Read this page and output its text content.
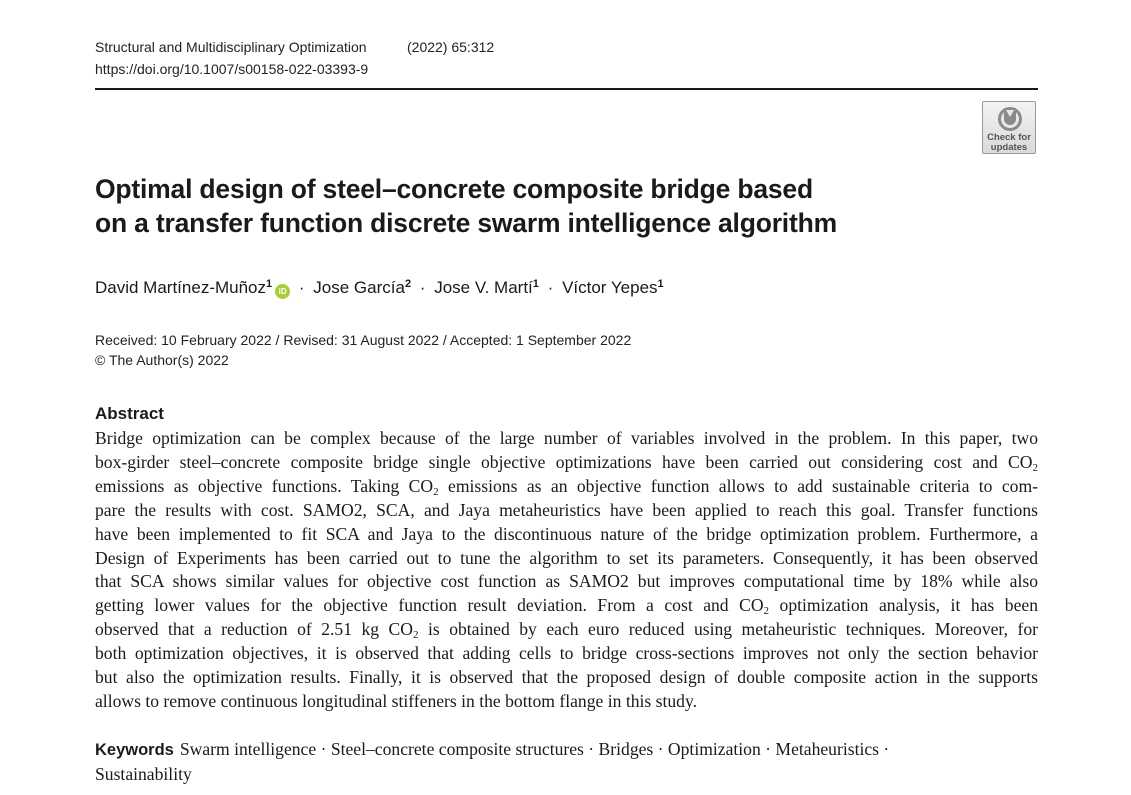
Structural and Multidisciplinary Optimization	(2022) 65:312
https://doi.org/10.1007/s00158-022-03393-9
Check for
updates
Optimal design of steel–concrete composite bridge based
on a transfer function discrete swarm intelligence algorithm
David Martínez-Muñoz$^1$iD · Jose García$^2$ · Jose V. Martí$^1$ · Víctor Yepes$^1$
Received: 10 February 2022 / Revised: 31 August 2022 / Accepted: 1 September 2022
© The Author(s) 2022
Abstract
Bridge optimization can be complex because of the large number of variables involved in the problem. In this paper, two
box-girder steel–concrete composite bridge single objective optimizations have been carried out considering cost and $CO_2$
emissions as objective functions. Taking $CO_2$ emissions as an objective function allows to add sustainable criteria to com-
pare the results with cost. SAMO2, SCA, and Jaya metaheuristics have been applied to reach this goal. Transfer functions
have been implemented to fit SCA and Jaya to the discontinuous nature of the bridge optimization problem. Furthermore, a
Design of Experiments has been carried out to tune the algorithm to set its parameters. Consequently, it has been observed
that SCA shows similar values for objective cost function as SAMO2 but improves computational time by 18% while also
getting lower values for the objective function result deviation. From a cost and $CO_2$ optimization analysis, it has been
observed that a reduction of 2.51 kg $CO_2$ is obtained by each euro reduced using metaheuristic techniques. Moreover, for
both optimization objectives, it is observed that adding cells to bridge cross-sections improves not only the section behavior
but also the optimization results. Finally, it is observed that the proposed design of double composite action in the supports
allows to remove continuous longitudinal stiffeners in the bottom flange in this study.
Keywords Swarm intelligence · Steel–concrete composite structures · Bridges · Optimization · Metaheuristics ·
Sustainability
